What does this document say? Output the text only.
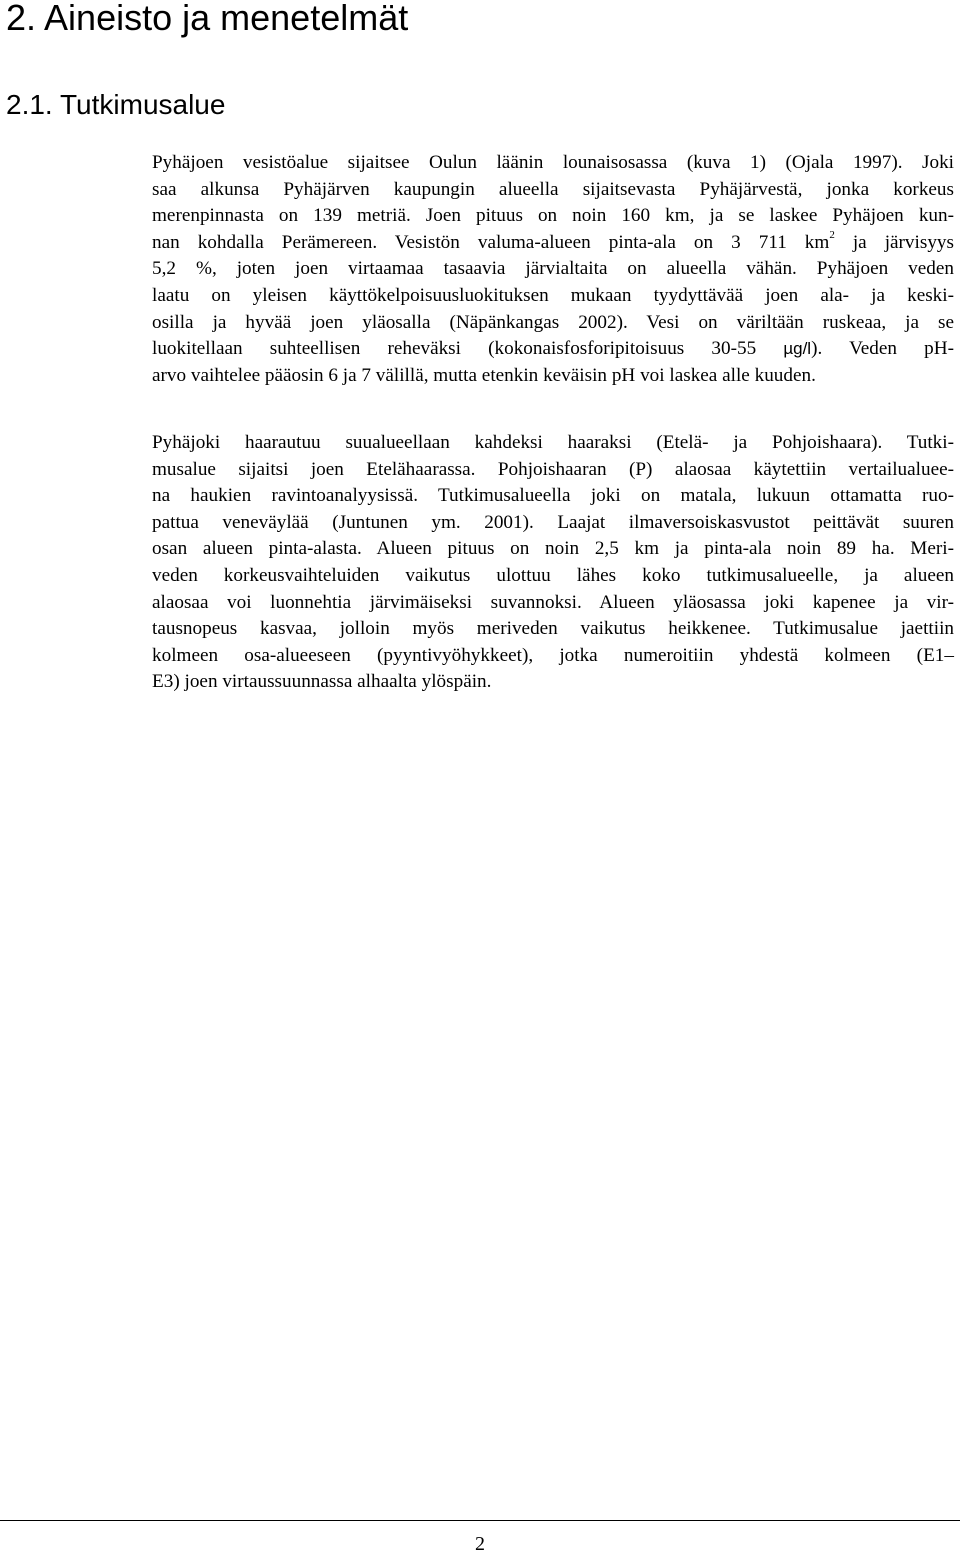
2. Aineisto ja menetelmät
2.1. Tutkimusalue
Pyhäjoen vesistöalue sijaitsee Oulun läänin lounaisosassa (kuva 1) (Ojala 1997). Joki
saa alkunsa Pyhäjärven kaupungin alueella sijaitsevasta Pyhäjärvestä, jonka korkeus
merenpinnasta on 139 metriä. Joen pituus on noin 160 km, ja se laskee Pyhäjoen kun-
nan kohdalla Perämereen. Vesistön valuma-alueen pinta-ala on 3 711 $km^2$ ja järvisyys
5,2 %, joten joen virtaamaa tasaavia järvialtaita on alueella vähän. Pyhäjoen veden
laatu on yleisen käyttökelpoisuusluokituksen mukaan tyydyttävää joen ala- ja keski-
osilla ja hyvää joen yläosalla (Näpänkangas 2002). Vesi on väriltään ruskeaa, ja se
luokitellaan suhteellisen reheväksi (kokonaisfosforipitoisuus 30-55 µg/l). Veden pH-
arvo vaihtelee pääosin 6 ja 7 välillä, mutta etenkin keväisin pH voi laskea alle kuuden.
Pyhäjoki haarautuu suualueellaan kahdeksi haaraksi (Etelä- ja Pohjoishaara). Tutki-
musalue sijaitsi joen Etelähaarassa. Pohjoishaaran (P) alaosaa käytettiin vertailualuee-
na haukien ravintoanalyysissä. Tutkimusalueella joki on matala, lukuun ottamatta ruo-
pattua veneväylää (Juntunen ym. 2001). Laajat ilmaversoiskasvustot peittävät suuren
osan alueen pinta-alasta. Alueen pituus on noin 2,5 km ja pinta-ala noin 89 ha. Meri-
veden korkeusvaihteluiden vaikutus ulottuu lähes koko tutkimusalueelle, ja alueen
alaosaa voi luonnehtia järvimäiseksi suvannoksi. Alueen yläosassa joki kapenee ja vir-
tausnopeus kasvaa, jolloin myös meriveden vaikutus heikkenee. Tutkimusalue jaettiin
kolmeen osa-alueeseen (pyyntivyöhykkeet), jotka numeroitiin yhdestä kolmeen (E1–
E3) joen virtaussuunnassa alhaalta ylöspäin.
2
